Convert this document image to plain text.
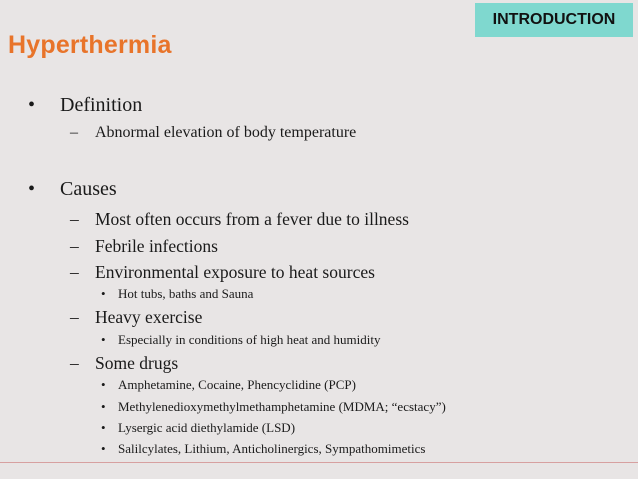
INTRODUCTION
Hyperthermia
• Definition
– Abnormal elevation of body temperature
• Causes
– Most often occurs from a fever due to illness
– Febrile infections
– Environmental exposure to heat sources
• Hot tubs, baths and Sauna
– Heavy exercise
• Especially in conditions of high heat and humidity
– Some drugs
• Amphetamine, Cocaine, Phencyclidine (PCP)
• Methylenedioxymethylmethamphetamine (MDMA; “ecstacy”)
• Lysergic acid diethylamide (LSD)
• Salilcylates, Lithium, Anticholinergics, Sympathomimetics
